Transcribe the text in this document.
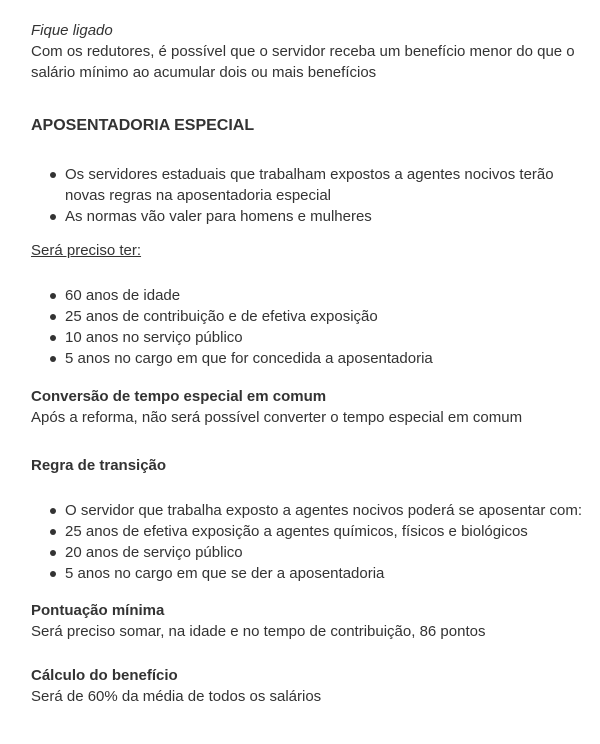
Fique ligado

Com os redutores, é possível que o servidor receba um benefício menor do que o salário mínimo ao acumular dois ou mais benefícios

APOSENTADORIA ESPECIAL
Os servidores estaduais que trabalham expostos a agentes nocivos terão novas regras na aposentadoria especial
As normas vão valer para homens e mulheres

Será preciso ter:

60 anos de idade
25 anos de contribuição e de efetiva exposição
10 anos no serviço público
5 anos no cargo em que for concedida a aposentadoria

Conversão de tempo especial em comum

Após a reforma, não será possível converter o tempo especial em comum

Regra de transição

O servidor que trabalha exposto a agentes nocivos poderá se aposentar com:
25 anos de efetiva exposição a agentes químicos, físicos e biológicos
20 anos de serviço público
5 anos no cargo em que se der a aposentadoria

Pontuação mínima

Será preciso somar, na idade e no tempo de contribuição, 86 pontos

Cálculo do benefício

Será de 60% da média de todos os salários
